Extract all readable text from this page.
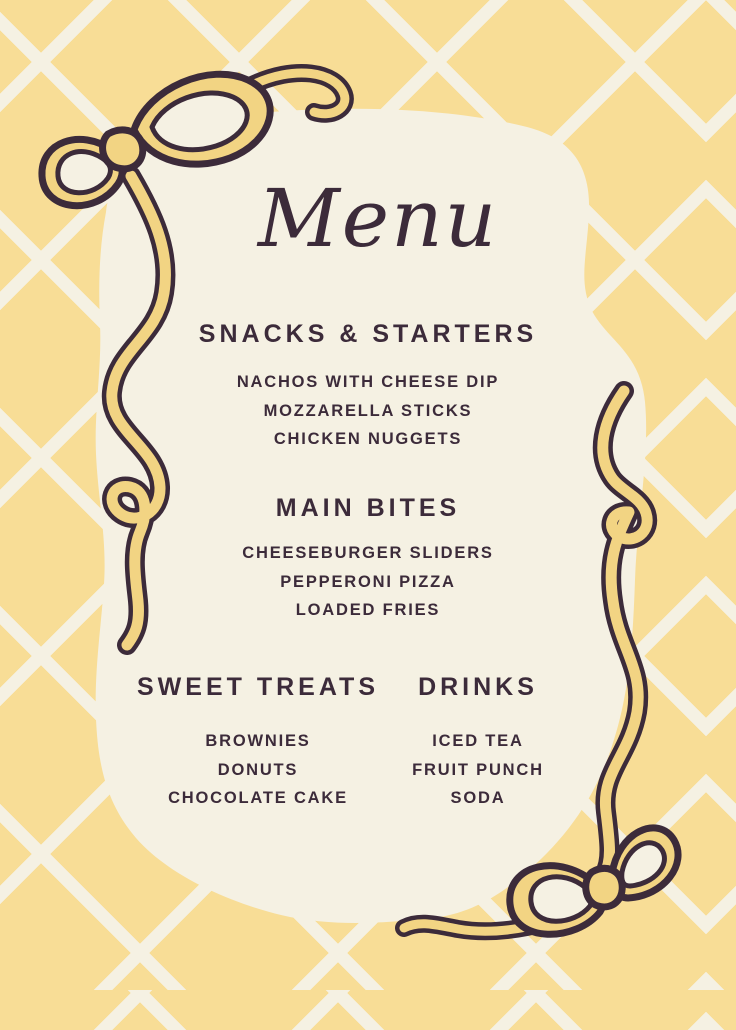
Menu
SNACKS & STARTERS
NACHOS WITH CHEESE DIP
MOZZARELLA STICKS
CHICKEN NUGGETS
MAIN BITES
CHEESEBURGER SLIDERS
PEPPERONI PIZZA
LOADED FRIES
SWEET TREATS
BROWNIES
DONUTS
CHOCOLATE CAKE
DRINKS
ICED TEA
FRUIT PUNCH
SODA
